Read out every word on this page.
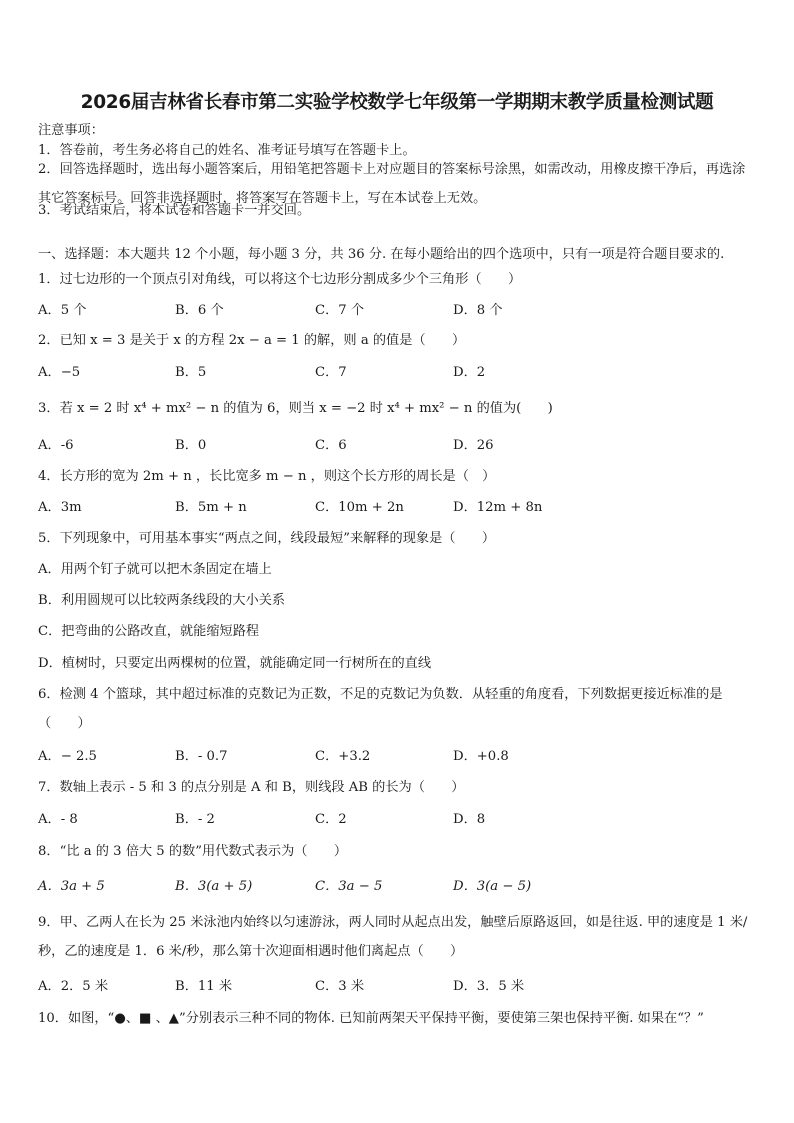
2026届吉林省长春市第二实验学校数学七年级第一学期期末教学质量检测试题
注意事项：
1．答卷前，考生务必将自己的姓名、准考证号填写在答题卡上。
2．回答选择题时，选出每小题答案后，用铅笔把答题卡上对应题目的答案标号涂黑，如需改动，用橡皮擦干净后，再选涂其它答案标号。回答非选择题时，将答案写在答题卡上，写在本试卷上无效。
3．考试结束后，将本试卷和答题卡一并交回。
一、选择题：本大题共 12 个小题，每小题 3 分，共 36 分. 在每小题给出的四个选项中，只有一项是符合题目要求的.
1．过七边形的一个顶点引对角线，可以将这个七边形分割成多少个三角形（　　）
A．5 个	B．6 个	C．7 个	D．8 个
2．已知 x = 3 是关于 x 的方程 2x − a = 1 的解，则 a 的值是（　　）
A．−5	B．5	C．7	D．2
3．若 x = 2 时 x⁴ + mx² − n 的值为 6，则当 x = −2 时 x⁴ + mx² − n 的值为(　　)
A．-6	B．0	C．6	D．26
4．长方形的宽为 2m + n ，长比宽多 m − n ，则这个长方形的周长是（　）
A．3m	B．5m + n	C．10m + 2n	D．12m + 8n
5．下列现象中，可用基本事实“两点之间，线段最短”来解释的现象是（　　）
A．用两个钉子就可以把木条固定在墙上
B．利用圆规可以比较两条线段的大小关系
C．把弯曲的公路改直，就能缩短路程
D．植树时，只要定出两棵树的位置，就能确定同一行树所在的直线
6．检测 4 个篮球，其中超过标准的克数记为正数，不足的克数记为负数．从轻重的角度看，下列数据更接近标准的是（　　）
A．− 2.5	B．- 0.7	C．+3.2	D．+0.8
7．数轴上表示 - 5 和 3 的点分别是 A 和 B，则线段 AB 的长为（　　）
A．- 8	B．- 2	C．2	D．8
8．“比 a 的 3 倍大 5 的数”用代数式表示为（　　）
A．3a + 5	B．3(a + 5)	C．3a − 5	D．3(a − 5)
9．甲、乙两人在长为 25 米泳池内始终以匀速游泳，两人同时从起点出发，触壁后原路返回，如是往返. 甲的速度是 1 米/秒，乙的速度是 1．6 米/秒，那么第十次迎面相遇时他们离起点（　　）
A．2．5 米	B．11 米	C．3 米	D．3．5 米
10．如图，“●、■ 、▲”分别表示三种不同的物体. 已知前两架天平保持平衡，要使第三架也保持平衡. 如果在“？”
